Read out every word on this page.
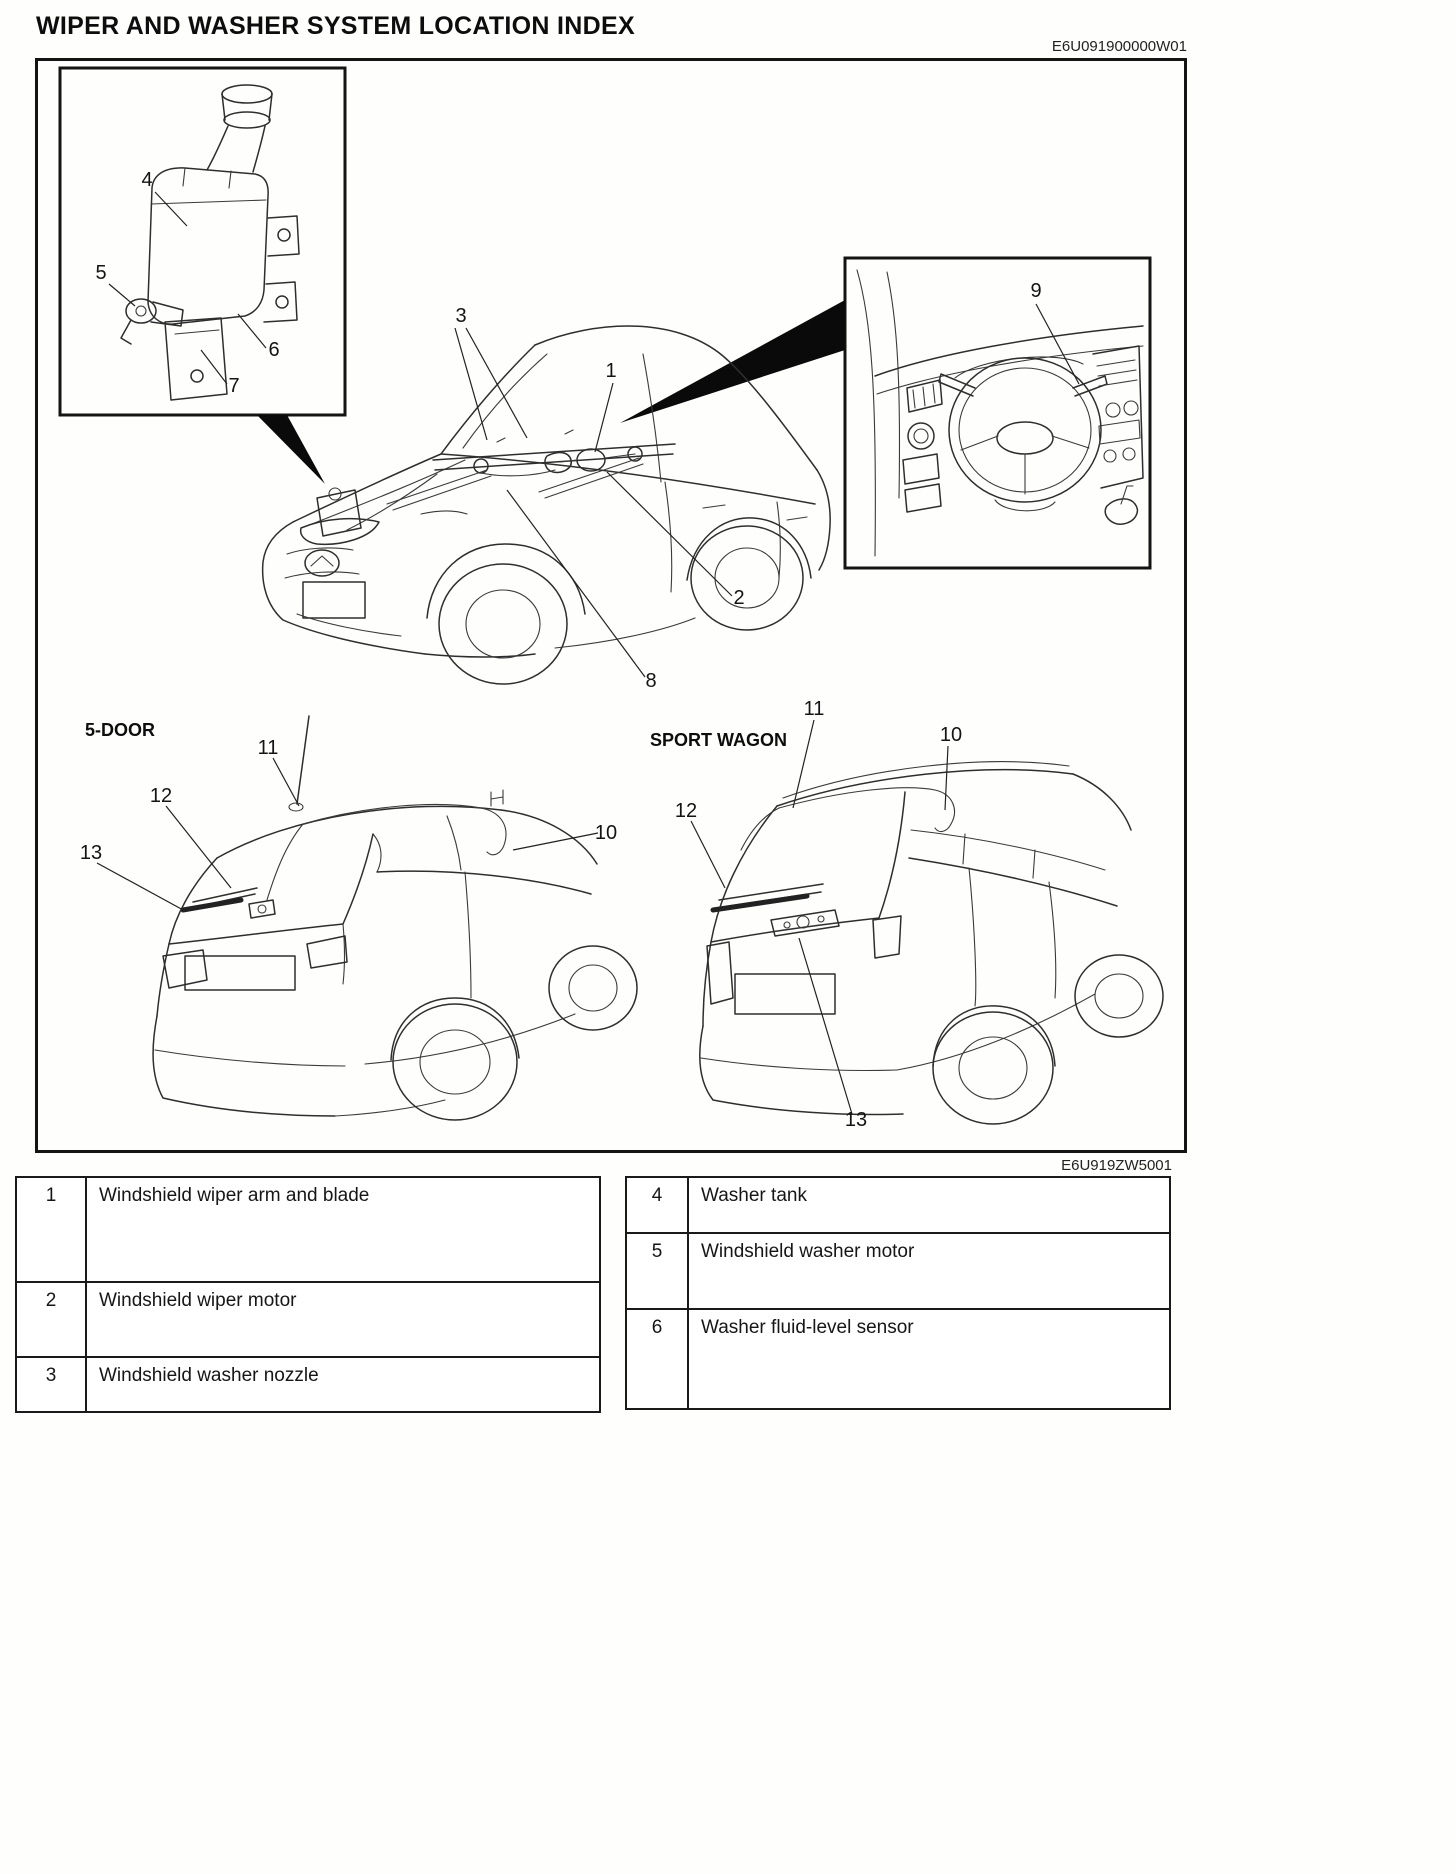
WIPER AND WASHER SYSTEM LOCATION INDEX
E6U091900000W01
4
5
6
7
3
1
2
8
9
11
12
13
10
11
10
12
13
5-DOOR	SPORT WAGON
E6U919ZW5001
1	Windshield wiper arm and blade
2	Windshield wiper motor
3	Windshield washer nozzle
4	Washer tank
5	Windshield washer motor
6	Washer fluid-level sensor
